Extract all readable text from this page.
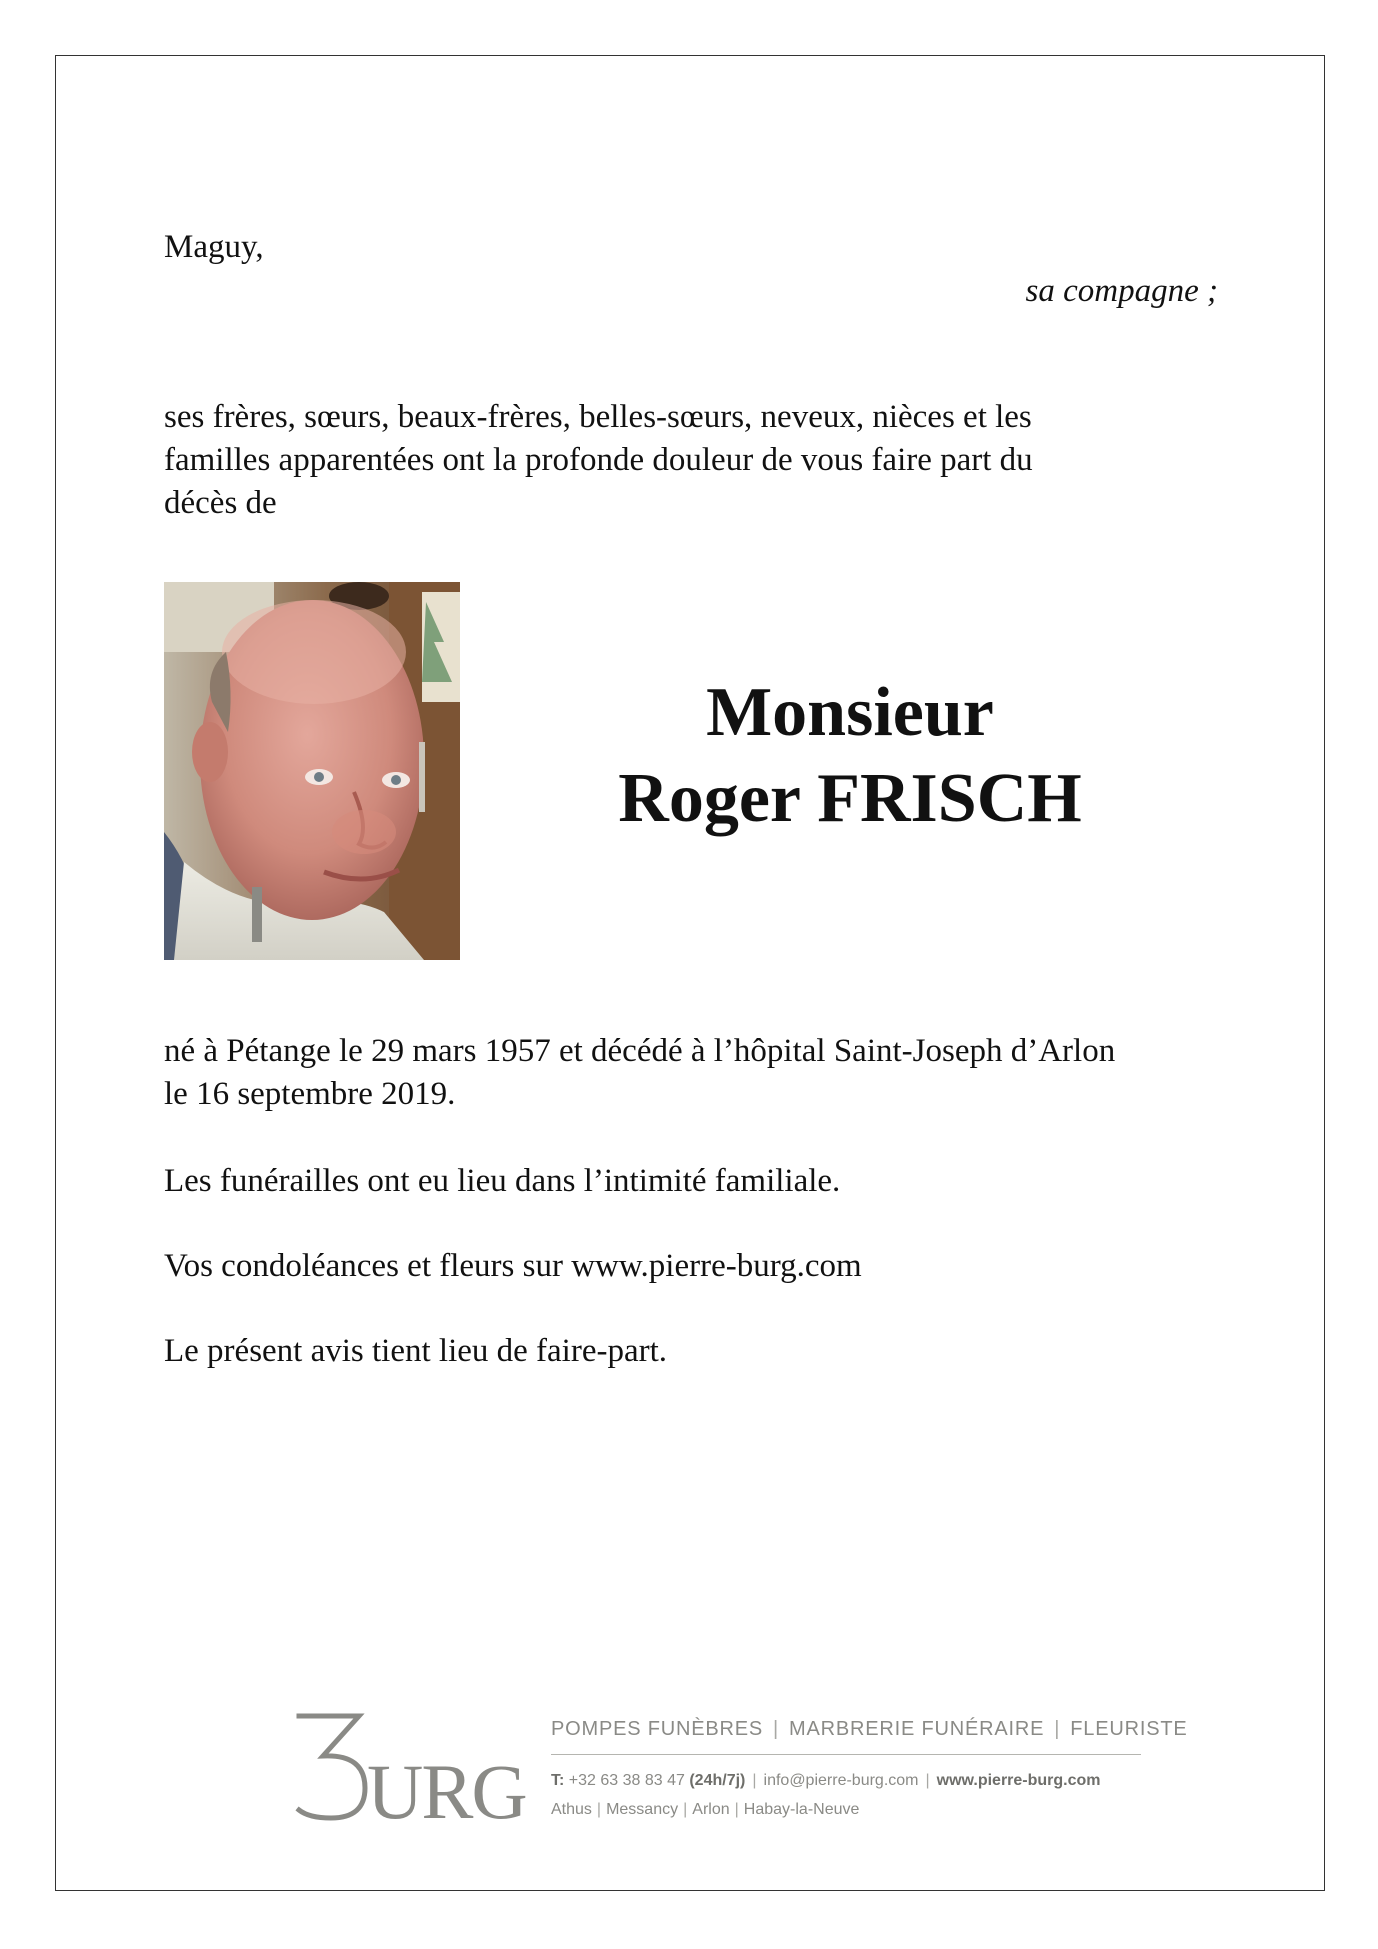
Maguy,
sa compagne ;
ses frères, sœurs, beaux-frères, belles-sœurs, neveux, nièces et les
familles apparentées ont la profonde douleur de vous faire part du
décès de
Monsieur
Roger FRISCH
né à Pétange le 29 mars 1957 et décédé à l’hôpital Saint-Joseph d’Arlon
le 16 septembre 2019.
Les funérailles ont eu lieu dans l’intimité familiale.
Vos condoléances et fleurs sur www.pierre-burg.com
Le présent avis tient lieu de faire-part.
URG
POMPES FUNÈBRES | MARBRERIE FUNÉRAIRE | FLEURISTE
T: +32 63 38 83 47 (24h/7j) | info@pierre-burg.com | www.pierre-burg.com
Athus | Messancy | Arlon | Habay-la-Neuve
